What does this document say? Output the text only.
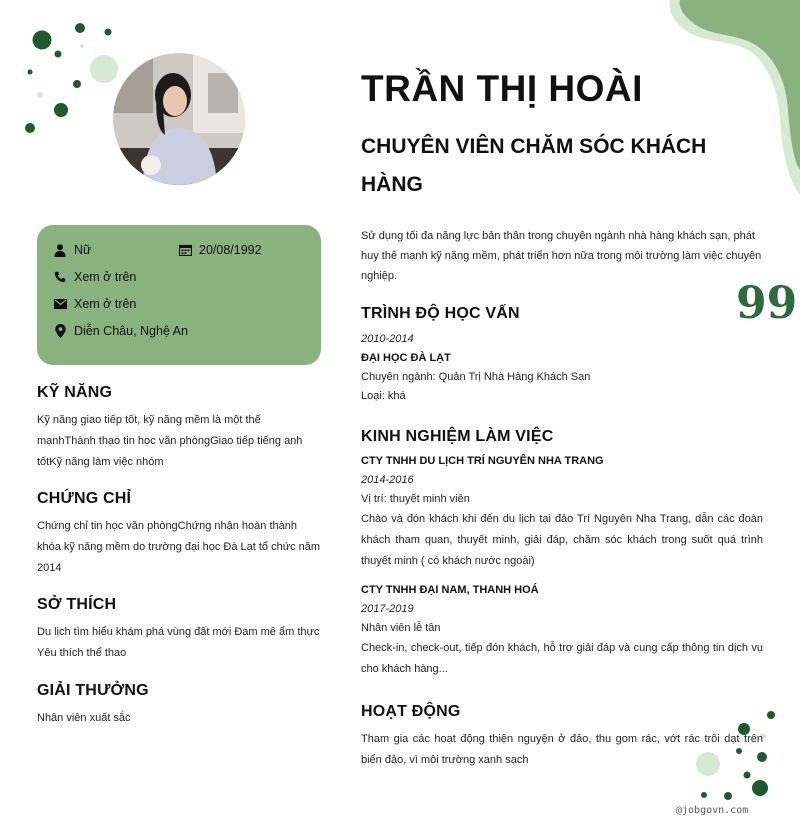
TRẦN THỊ HOÀI
CHUYÊN VIÊN CHĂM SÓC KHÁCH HÀNG
Nữ	20/08/1992
Xem ở trên
Xem ở trên
Diễn Châu, Nghệ An
KỸ NĂNG
Kỹ năng giao tiếp tốt, kỹ năng mềm là một thế mạnhThành thạo tin học văn phòngGiao tiếp tiếng anh tốtKỹ năng làm việc nhóm
CHỨNG CHỈ
Chứng chỉ tin học văn phòngChứng nhận hoàn thành khóa kỹ năng mềm do trường đại học Đà Lạt tổ chức năm 2014
SỞ THÍCH
Du lịch tìm hiểu khám phá vùng đất mới Đam mê ẩm thực Yêu thích thể thao
GIẢI THƯỞNG
Nhân viên xuất sắc
Sử dụng tối đa năng lực bản thân trong chuyên ngành nhà hàng khách sạn, phát huy thế mạnh kỹ năng mềm, phát triển hơn nữa trong môi trường làm việc chuyên nghiệp.
99
TRÌNH ĐỘ HỌC VẤN
2010-2014
ĐẠI HỌC ĐÀ LẠT
Chuyên ngành: Quản Trị Nhà Hàng Khách Sạn
Loại: khá
KINH NGHIỆM LÀM VIỆC
CTY TNHH DU LỊCH TRÍ NGUYÊN NHA TRANG
2014-2016
Vị trí: thuyết minh viên
Chào và đón khách khi đến du lịch tại đảo Trí Nguyên Nha Trang, dẫn các đoàn khách tham quan, thuyết minh, giải đáp, chăm sóc khách trong suốt quá trình thuyết minh ( có khách nước ngoài)
CTY TNHH ĐẠI NAM, THANH HOÁ
2017-2019
Nhân viên lễ tân
Check-in, check-out, tiếp đón khách, hỗ trợ giải đáp và cung cấp thông tin dịch vụ cho khách hàng...
HOẠT ĐỘNG
Tham gia các hoạt động thiện nguyện ở đảo, thu gom rác, vớt rác trôi dạt trên biển đảo, vì môi trường xanh sạch
@jobgovn.com
